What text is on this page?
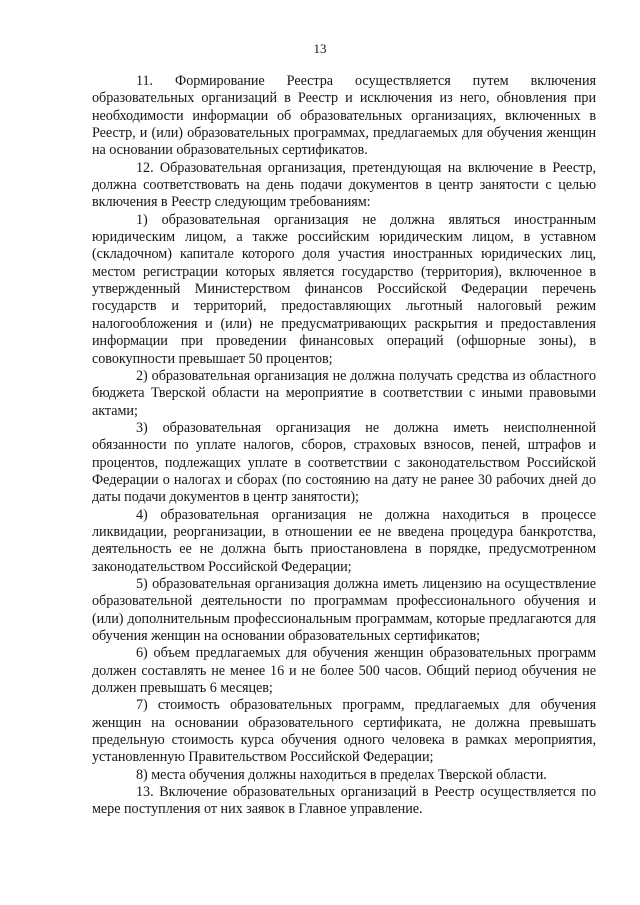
13

11. Формирование Реестра осуществляется путем включения образовательных организаций в Реестр и исключения из него, обновления при необходимости информации об образовательных организациях, включенных в Реестр, и (или) образовательных программах, предлагаемых для обучения женщин на основании образовательных сертификатов.

12. Образовательная организация, претендующая на включение в Реестр, должна соответствовать на день подачи документов в центр занятости с целью включения в Реестр следующим требованиям:

1) образовательная организация не должна являться иностранным юридическим лицом, а также российским юридическим лицом, в уставном (складочном) капитале которого доля участия иностранных юридических лиц, местом регистрации которых является государство (территория), включенное в утвержденный Министерством финансов Российской Федерации перечень государств и территорий, предоставляющих льготный налоговый режим налогообложения и (или) не предусматривающих раскрытия и предоставления информации при проведении финансовых операций (офшорные зоны), в совокупности превышает 50 процентов;

2) образовательная организация не должна получать средства из областного бюджета Тверской области на мероприятие в соответствии с иными правовыми актами;

3) образовательная организация не должна иметь неисполненной обязанности по уплате налогов, сборов, страховых взносов, пеней, штрафов и процентов, подлежащих уплате в соответствии с законодательством Российской Федерации о налогах и сборах (по состоянию на дату не ранее 30 рабочих дней до даты подачи документов в центр занятости);

4) образовательная организация не должна находиться в процессе ликвидации, реорганизации, в отношении ее не введена процедура банкротства, деятельность ее не должна быть приостановлена в порядке, предусмотренном законодательством Российской Федерации;

5) образовательная организация должна иметь лицензию на осуществление образовательной деятельности по программам профессионального обучения и (или) дополнительным профессиональным программам, которые предлагаются для обучения женщин на основании образовательных сертификатов;

6) объем предлагаемых для обучения женщин образовательных программ должен составлять не менее 16 и не более 500 часов. Общий период обучения не должен превышать 6 месяцев;

7) стоимость образовательных программ, предлагаемых для обучения женщин на основании образовательного сертификата, не должна превышать предельную стоимость курса обучения одного человека в рамках мероприятия, установленную Правительством Российской Федерации;

8) места обучения должны находиться в пределах Тверской области.

13. Включение образовательных организаций в Реестр осуществляется по мере поступления от них заявок в Главное управление.
